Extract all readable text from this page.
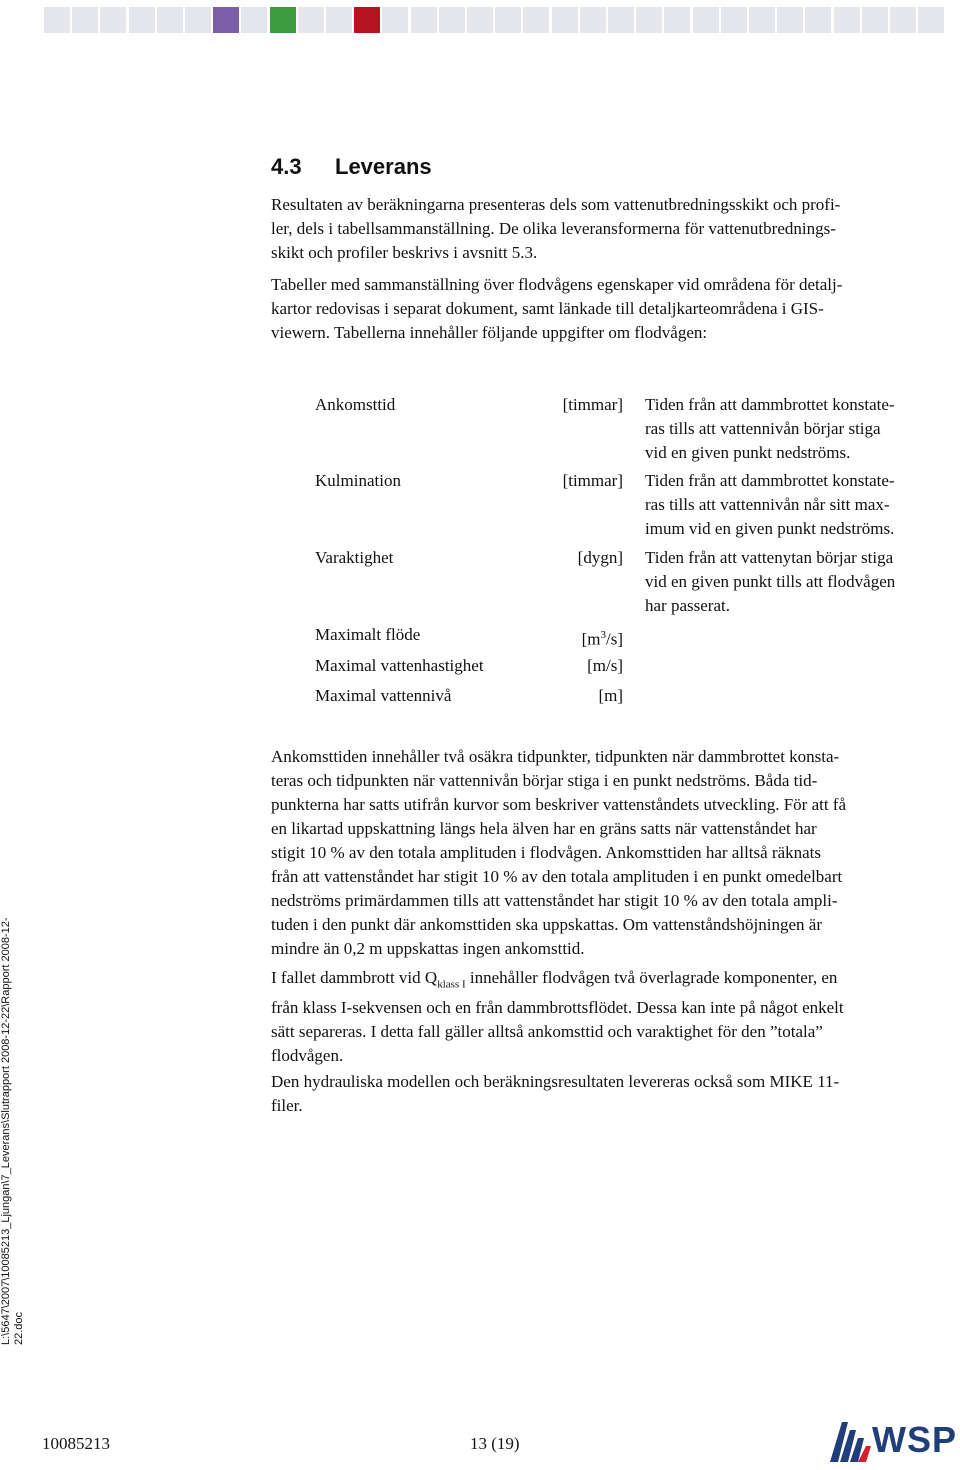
4.3 Leverans

Resultaten av beräkningarna presenteras dels som vattenutbredningsskikt och profi-
ler, dels i tabellsammanställning. De olika leveransformerna för vattenutbrednings-
skikt och profiler beskrivs i avsnitt 5.3.

Tabeller med sammanställning över flodvågens egenskaper vid områdena för detalj-
kartor redovisas i separat dokument, samt länkade till detaljkarteområdena i GIS-
viewern. Tabellerna innehåller följande uppgifter om flodvågen:

Ankomsttid	[timmar] Tiden från att dammbrottet konstate-
ras tills att vattennivån börjar stiga
vid en given punkt nedströms.
Kulmination	[timmar] Tiden från att dammbrottet konstate-
ras tills att vattennivån når sitt max-
imum vid en given punkt nedströms.
Varaktighet	[dygn] Tiden från att vattenytan börjar stiga
vid en given punkt tills att flodvågen
har passerat.
Maximalt flöde	$[m^3/s]$
Maximal vattenhastighet	[m/s]
Maximal vattennivå	[m]

Ankomsttiden innehåller två osäkra tidpunkter, tidpunkten när dammbrottet konsta-
teras och tidpunkten när vattennivån börjar stiga i en punkt nedströms. Båda tid-
punkterna har satts utifrån kurvor som beskriver vattenståndets utveckling. För att få
en likartad uppskattning längs hela älven har en gräns satts när vattenståndet har
stigit 10 % av den totala amplituden i flodvågen. Ankomsttiden har alltså räknats
från att vattenståndet har stigit 10 % av den totala amplituden i en punkt omedelbart
nedströms primärdammen tills att vattenståndet har stigit 10 % av den totala ampli-
tuden i den punkt där ankomsttiden ska uppskattas. Om vattenståndshöjningen är
mindre än 0,2 m uppskattas ingen ankomsttid.

I fallet dammbrott vid $Q_{klass I}$ innehåller flodvågen två överlagrade komponenter, en
från klass I-sekvensen och en från dammbrottsflödet. Dessa kan inte på något enkelt
sätt separeras. I detta fall gäller alltså ankomsttid och varaktighet för den ”totala”
flodvågen.

Den hydrauliska modellen och beräkningsresultaten levereras också som MIKE 11-
filer.

L:\5647\2007\10085213_Ljungan\7_Leverans\Slutrapport 2008-12-22\Rapport 2008-12-
22.doc
10085213	13 (19)	WSP
